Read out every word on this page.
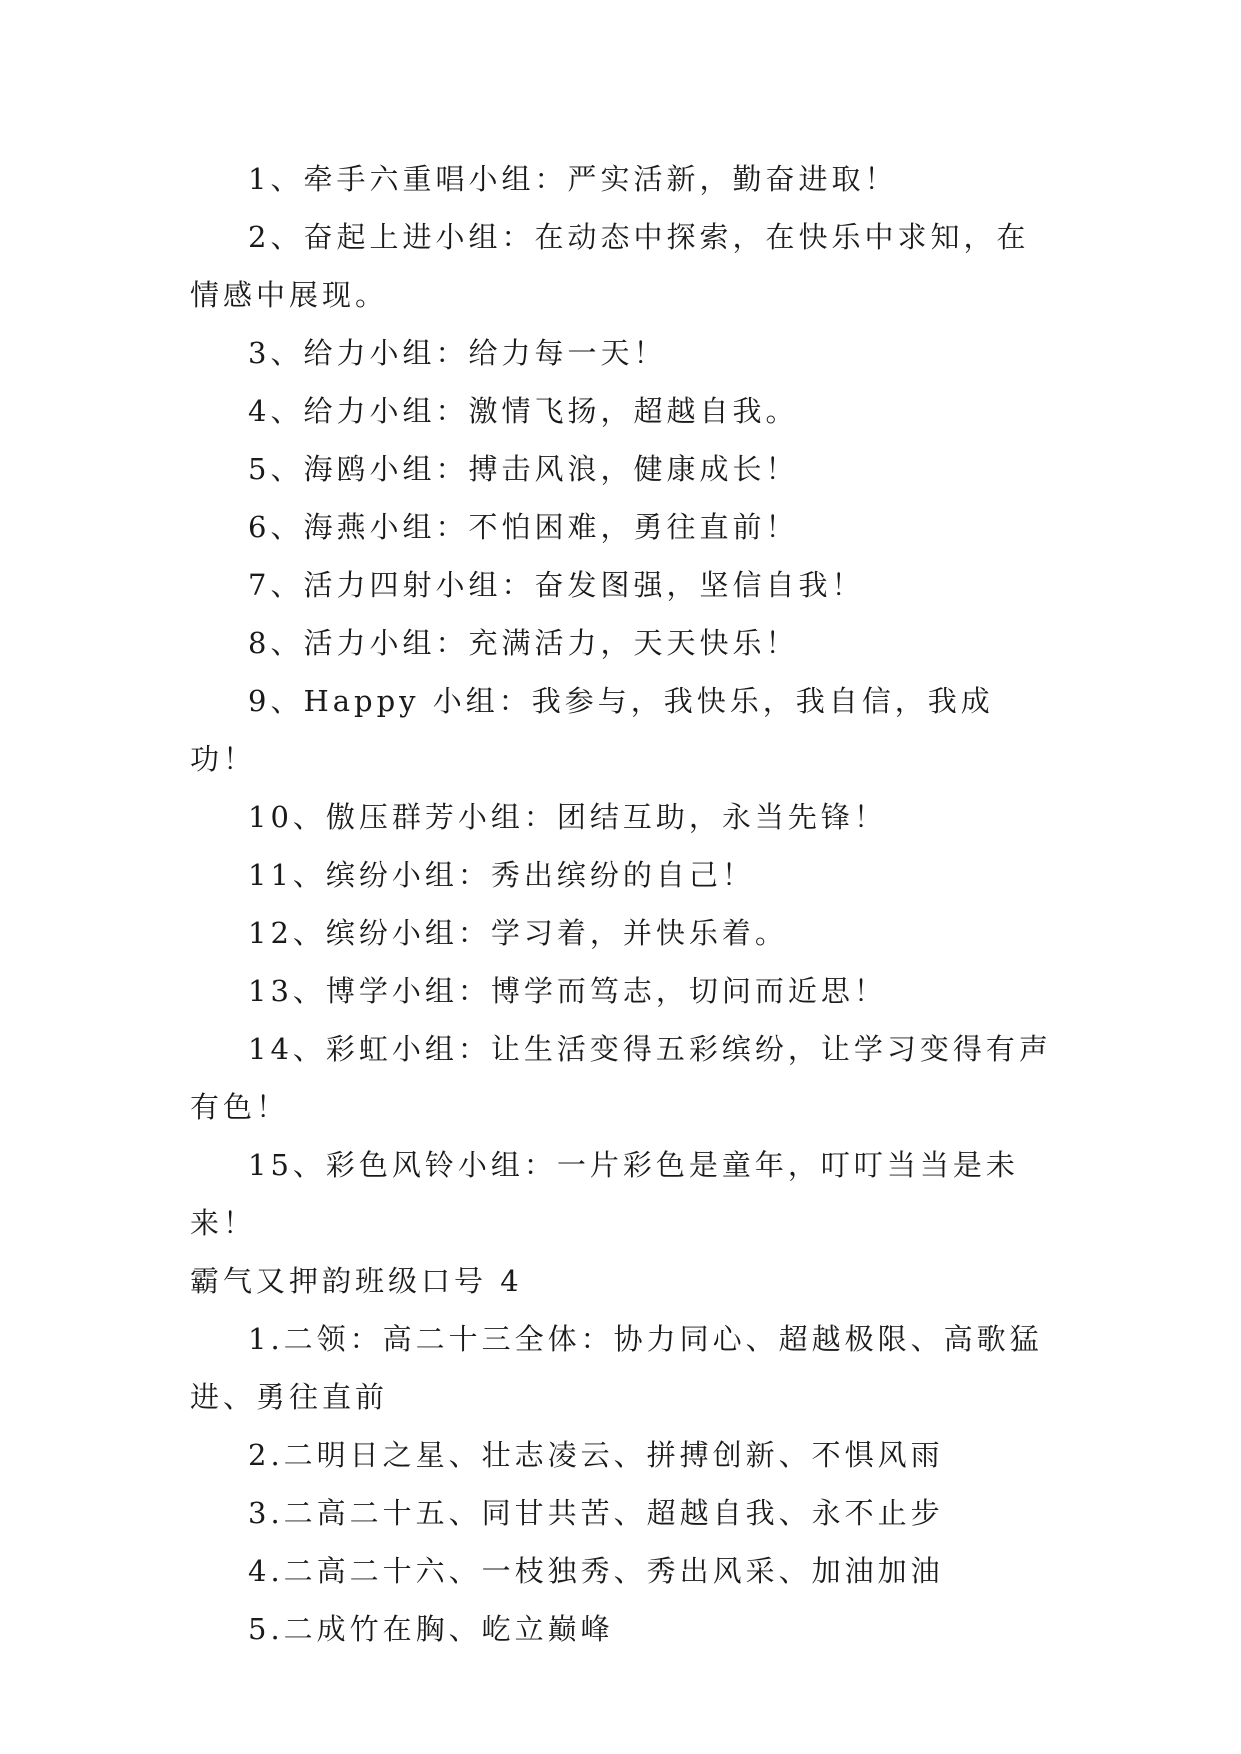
1、牵手六重唱小组：严实活新，勤奋进取！

2、奋起上进小组：在动态中探索，在快乐中求知，在情感中展现。

3、给力小组：给力每一天！

4、给力小组：激情飞扬，超越自我。

5、海鸥小组：搏击风浪，健康成长！

6、海燕小组：不怕困难，勇往直前！

7、活力四射小组：奋发图强，坚信自我！

8、活力小组：充满活力，天天快乐！

9、Happy 小组：我参与，我快乐，我自信，我成功！

10、傲压群芳小组：团结互助，永当先锋！

11、缤纷小组：秀出缤纷的自己！

12、缤纷小组：学习着，并快乐着。

13、博学小组：博学而笃志，切问而近思！

14、彩虹小组：让生活变得五彩缤纷，让学习变得有声有色！

15、彩色风铃小组：一片彩色是童年，叮叮当当是未来！

霸气又押韵班级口号 4

1.二领：高二十三全体：协力同心、超越极限、高歌猛进、勇往直前

2.二明日之星、壮志凌云、拼搏创新、不惧风雨

3.二高二十五、同甘共苦、超越自我、永不止步

4.二高二十六、一枝独秀、秀出风采、加油加油

5.二成竹在胸、屹立巅峰
